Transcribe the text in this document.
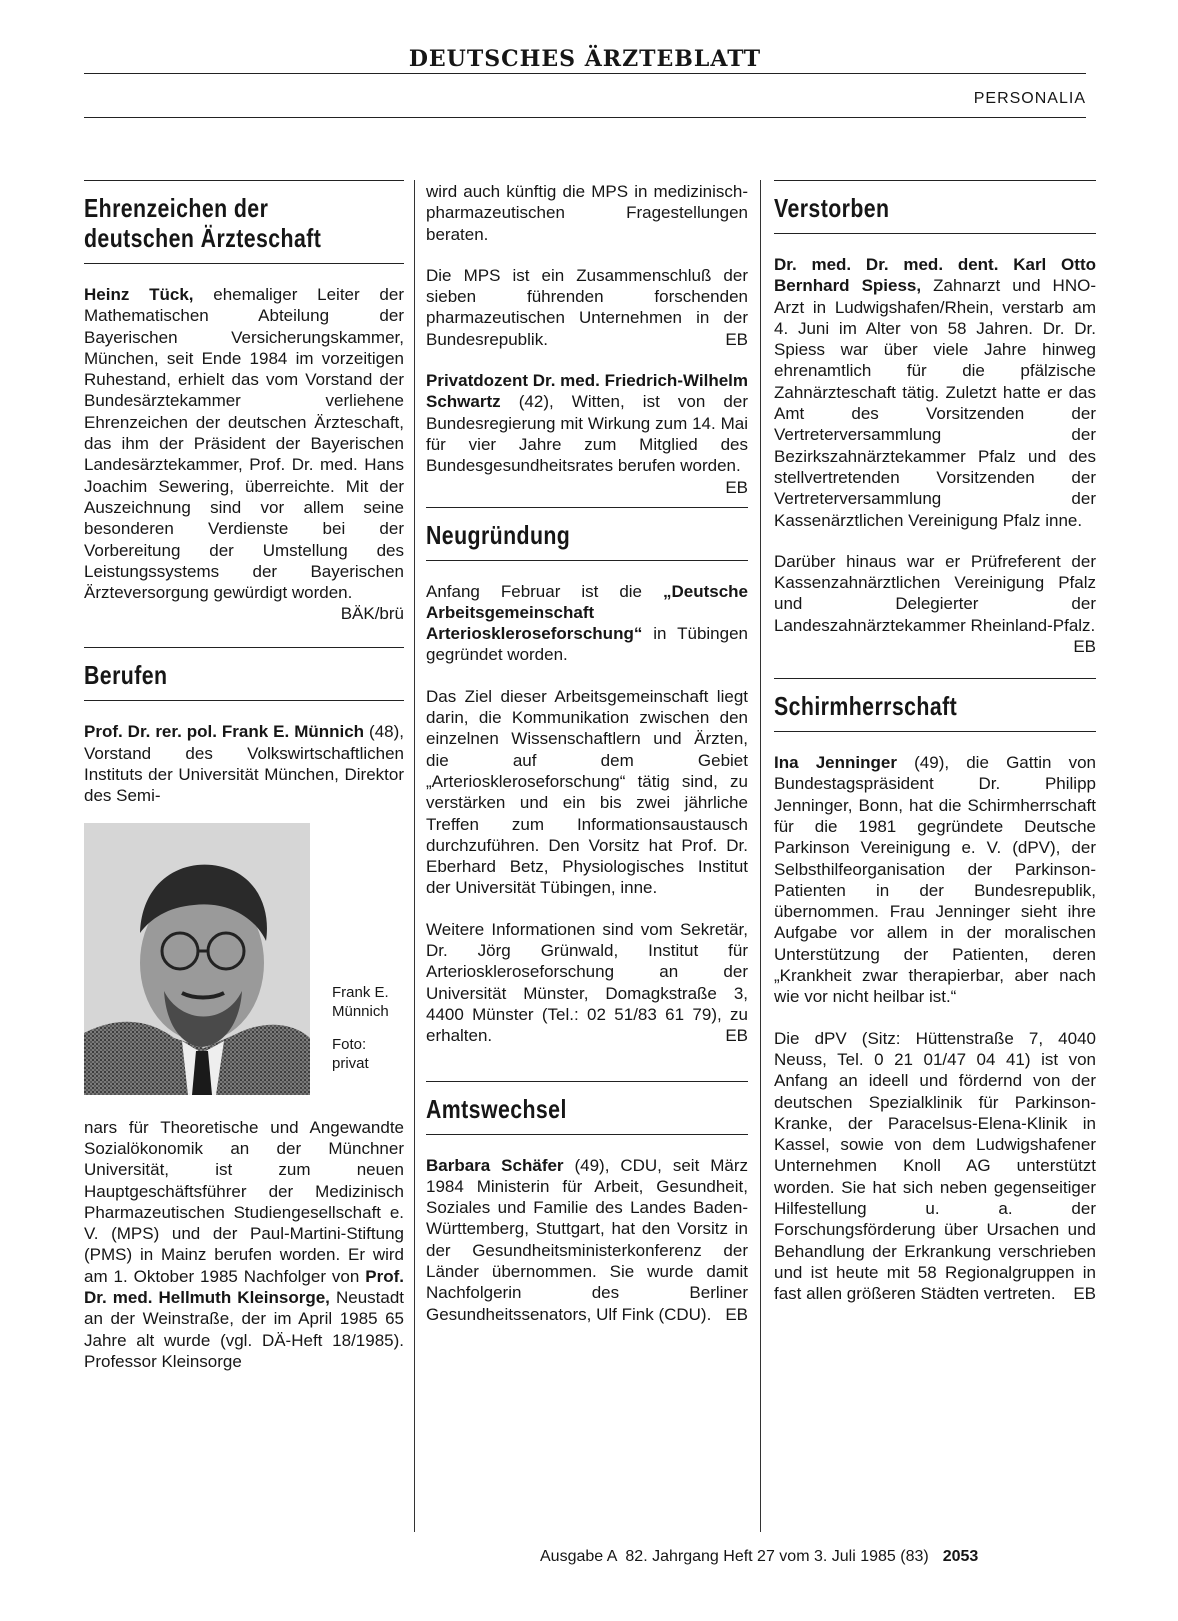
DEUTSCHES ÄRZTEBLATT
PERSONALIA
Ehrenzeichen der
deutschen Ärzteschaft

Heinz Tück, ehemaliger Leiter der Mathematischen Abteilung der Bayerischen Versicherungskammer, München, seit Ende 1984 im vorzeitigen Ruhestand, erhielt das vom Vorstand der Bundesärztekammer verliehene Ehrenzeichen der deutschen Ärzteschaft, das ihm der Präsident der Bayerischen Landesärztekammer, Prof. Dr. med. Hans Joachim Sewering, überreichte. Mit der Auszeichnung sind vor allem seine besonderen Verdienste bei der Vorbereitung der Umstellung des Leistungssystems der Bayerischen Ärzteversorgung gewürdigt worden.
BÄK/brü

Berufen

Prof. Dr. rer. pol. Frank E. Münnich (48), Vorstand des Volkswirtschaftlichen Instituts der Universität München, Direktor des Semi-

Frank E. Münnich
Foto: privat

nars für Theoretische und Angewandte Sozialökonomik an der Münchner Universität, ist zum neuen Hauptgeschäftsführer der Medizinisch Pharmazeutischen Studiengesellschaft e. V. (MPS) und der Paul-Martini-Stiftung (PMS) in Mainz berufen worden. Er wird am 1. Oktober 1985 Nachfolger von Prof. Dr. med. Hellmuth Kleinsorge, Neustadt an der Weinstraße, der im April 1985 65 Jahre alt wurde (vgl. DÄ-Heft 18/1985). Professor Kleinsorge

wird auch künftig die MPS in medizinisch-pharmazeutischen Fragestellungen beraten.

Die MPS ist ein Zusammenschluß der sieben führenden forschenden pharmazeutischen Unternehmen in der Bundesrepublik.	EB

Privatdozent Dr. med. Friedrich-Wilhelm Schwartz (42), Witten, ist von der Bundesregierung mit Wirkung zum 14. Mai für vier Jahre zum Mitglied des Bundesgesundheitsrates berufen worden.
EB

Neugründung

Anfang Februar ist die „Deutsche Arbeitsgemeinschaft Arterioskleroseforschung“ in Tübingen gegründet worden.

Das Ziel dieser Arbeitsgemeinschaft liegt darin, die Kommunikation zwischen den einzelnen Wissenschaftlern und Ärzten, die auf dem Gebiet „Arterioskleroseforschung“ tätig sind, zu verstärken und ein bis zwei jährliche Treffen zum Informationsaustausch durchzuführen. Den Vorsitz hat Prof. Dr. Eberhard Betz, Physiologisches Institut der Universität Tübingen, inne.

Weitere Informationen sind vom Sekretär, Dr. Jörg Grünwald, Institut für Arterioskleroseforschung an der Universität Münster, Domagkstraße 3, 4400 Münster (Tel.: 02 51/83 61 79), zu erhalten.	EB

Amtswechsel

Barbara Schäfer (49), CDU, seit März 1984 Ministerin für Arbeit, Gesundheit, Soziales und Familie des Landes Baden-Württemberg, Stuttgart, hat den Vorsitz in der Gesundheitsministerkonferenz der Länder übernommen. Sie wurde damit Nachfolgerin des Berliner Gesundheitssenators, Ulf Fink (CDU). EB

Verstorben

Dr. med. Dr. med. dent. Karl Otto Bernhard Spiess, Zahnarzt und HNO-Arzt in Ludwigshafen/Rhein, verstarb am 4. Juni im Alter von 58 Jahren. Dr. Dr. Spiess war über viele Jahre hinweg ehrenamtlich für die pfälzische Zahnärzteschaft tätig. Zuletzt hatte er das Amt des Vorsitzenden der Vertreterversammlung der Bezirkszahnärztekammer Pfalz und des stellvertretenden Vorsitzenden der Vertreterversammlung der Kassenärztlichen Vereinigung Pfalz inne.

Darüber hinaus war er Prüfreferent der Kassenzahnärztlichen Vereinigung Pfalz und Delegierter der Landeszahnärztekammer Rheinland-Pfalz.
EB

Schirmherrschaft

Ina Jenninger (49), die Gattin von Bundestagspräsident Dr. Philipp Jenninger, Bonn, hat die Schirmherrschaft für die 1981 gegründete Deutsche Parkinson Vereinigung e. V. (dPV), der Selbsthilfeorganisation der Parkinson-Patienten in der Bundesrepublik, übernommen. Frau Jenninger sieht ihre Aufgabe vor allem in der moralischen Unterstützung der Patienten, deren „Krankheit zwar therapierbar, aber nach wie vor nicht heilbar ist.“

Die dPV (Sitz: Hüttenstraße 7, 4040 Neuss, Tel. 0 21 01/47 04 41) ist von Anfang an ideell und fördernd von der deutschen Spezialklinik für Parkinson-Kranke, der Paracelsus-Elena-Klinik in Kassel, sowie von dem Ludwigshafener Unternehmen Knoll AG unterstützt worden. Sie hat sich neben gegenseitiger Hilfestellung u. a. der Forschungsförderung über Ursachen und Behandlung der Erkrankung verschrieben und ist heute mit 58 Regionalgruppen in fast allen größeren Städten vertreten. EB

Ausgabe A  82. Jahrgang Heft 27 vom 3. Juli 1985 (83) 2053
